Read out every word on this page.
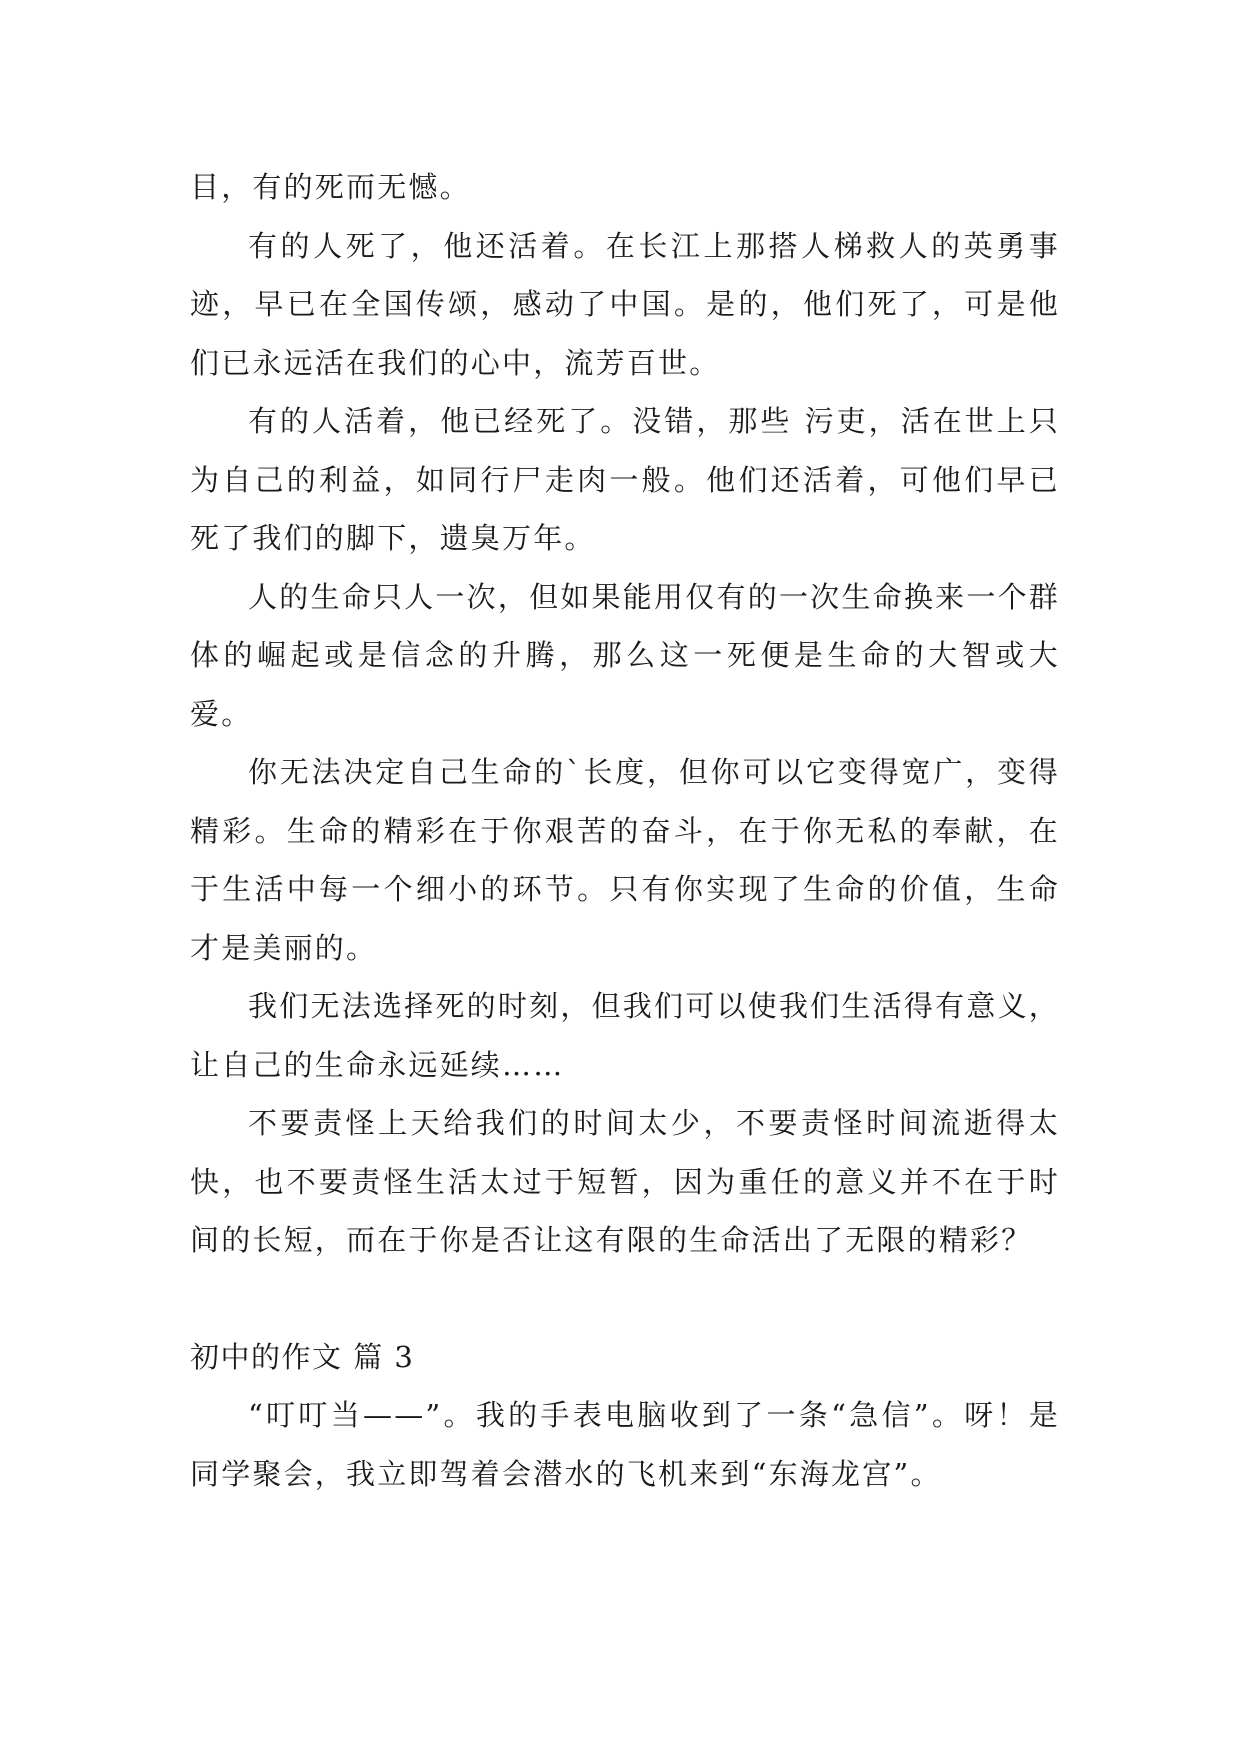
目，有的死而无憾。

有的人死了，他还活着。在长江上那搭人梯救人的英勇事迹，早已在全国传颂，感动了中国。是的，他们死了，可是他们已永远活在我们的心中，流芳百世。

有的人活着，他已经死了。没错，那些 污吏，活在世上只为自己的利益，如同行尸走肉一般。他们还活着，可他们早已死了我们的脚下，遗臭万年。

人的生命只人一次，但如果能用仅有的一次生命换来一个群体的崛起或是信念的升腾，那么这一死便是生命的大智或大爱。

你无法决定自己生命的`长度，但你可以它变得宽广，变得精彩。生命的精彩在于你艰苦的奋斗，在于你无私的奉献，在于生活中每一个细小的环节。只有你实现了生命的价值，生命才是美丽的。

我们无法选择死的时刻，但我们可以使我们生活得有意义，让自己的生命永远延续……

不要责怪上天给我们的时间太少，不要责怪时间流逝得太快，也不要责怪生活太过于短暂，因为重任的意义并不在于时间的长短，而在于你是否让这有限的生命活出了无限的精彩？

初中的作文 篇 3

“叮叮当——”。我的手表电脑收到了一条“急信”。呀！是同学聚会，我立即驾着会潜水的飞机来到“东海龙宫”。
